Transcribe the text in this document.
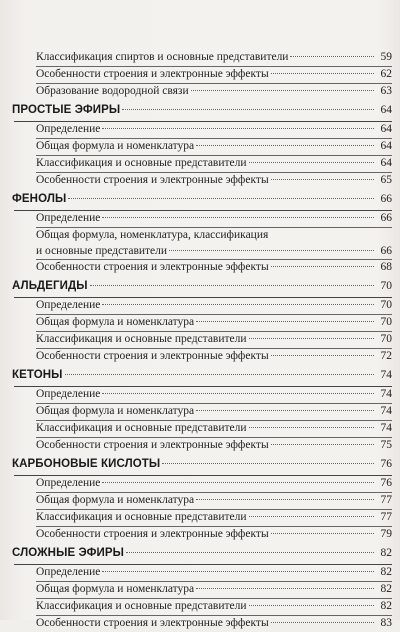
Классификация спиртов и основные представители	59
Особенности строения и электронные эффекты	62
Образование водородной связи	63
ПРОСТЫЕ ЭФИРЫ	64
Определение	64
Общая формула и номенклатура	64
Классификация и основные представители	64
Особенности строения и электронные эффекты	65
ФЕНОЛЫ	66
Определение	66
Общая формула, номенклатура, классификация
и основные представители	66
Особенности строения и электронные эффекты	68
АЛЬДЕГИДЫ	70
Определение	70
Общая формула и номенклатура	70
Классификация и основные представители	70
Особенности строения и электронные эффекты	72
КЕТОНЫ	74
Определение	74
Общая формула и номенклатура	74
Классификация и основные представители	74
Особенности строения и электронные эффекты	75
КАРБОНОВЫЕ КИСЛОТЫ	76
Определение	76
Общая формула и номенклатура	77
Классификация и основные представители	77
Особенности строения и электронные эффекты	79
СЛОЖНЫЕ ЭФИРЫ	82
Определение	82
Общая формула и номенклатура	82
Классификация и основные представители	82
Особенности строения и электронные эффекты	83
